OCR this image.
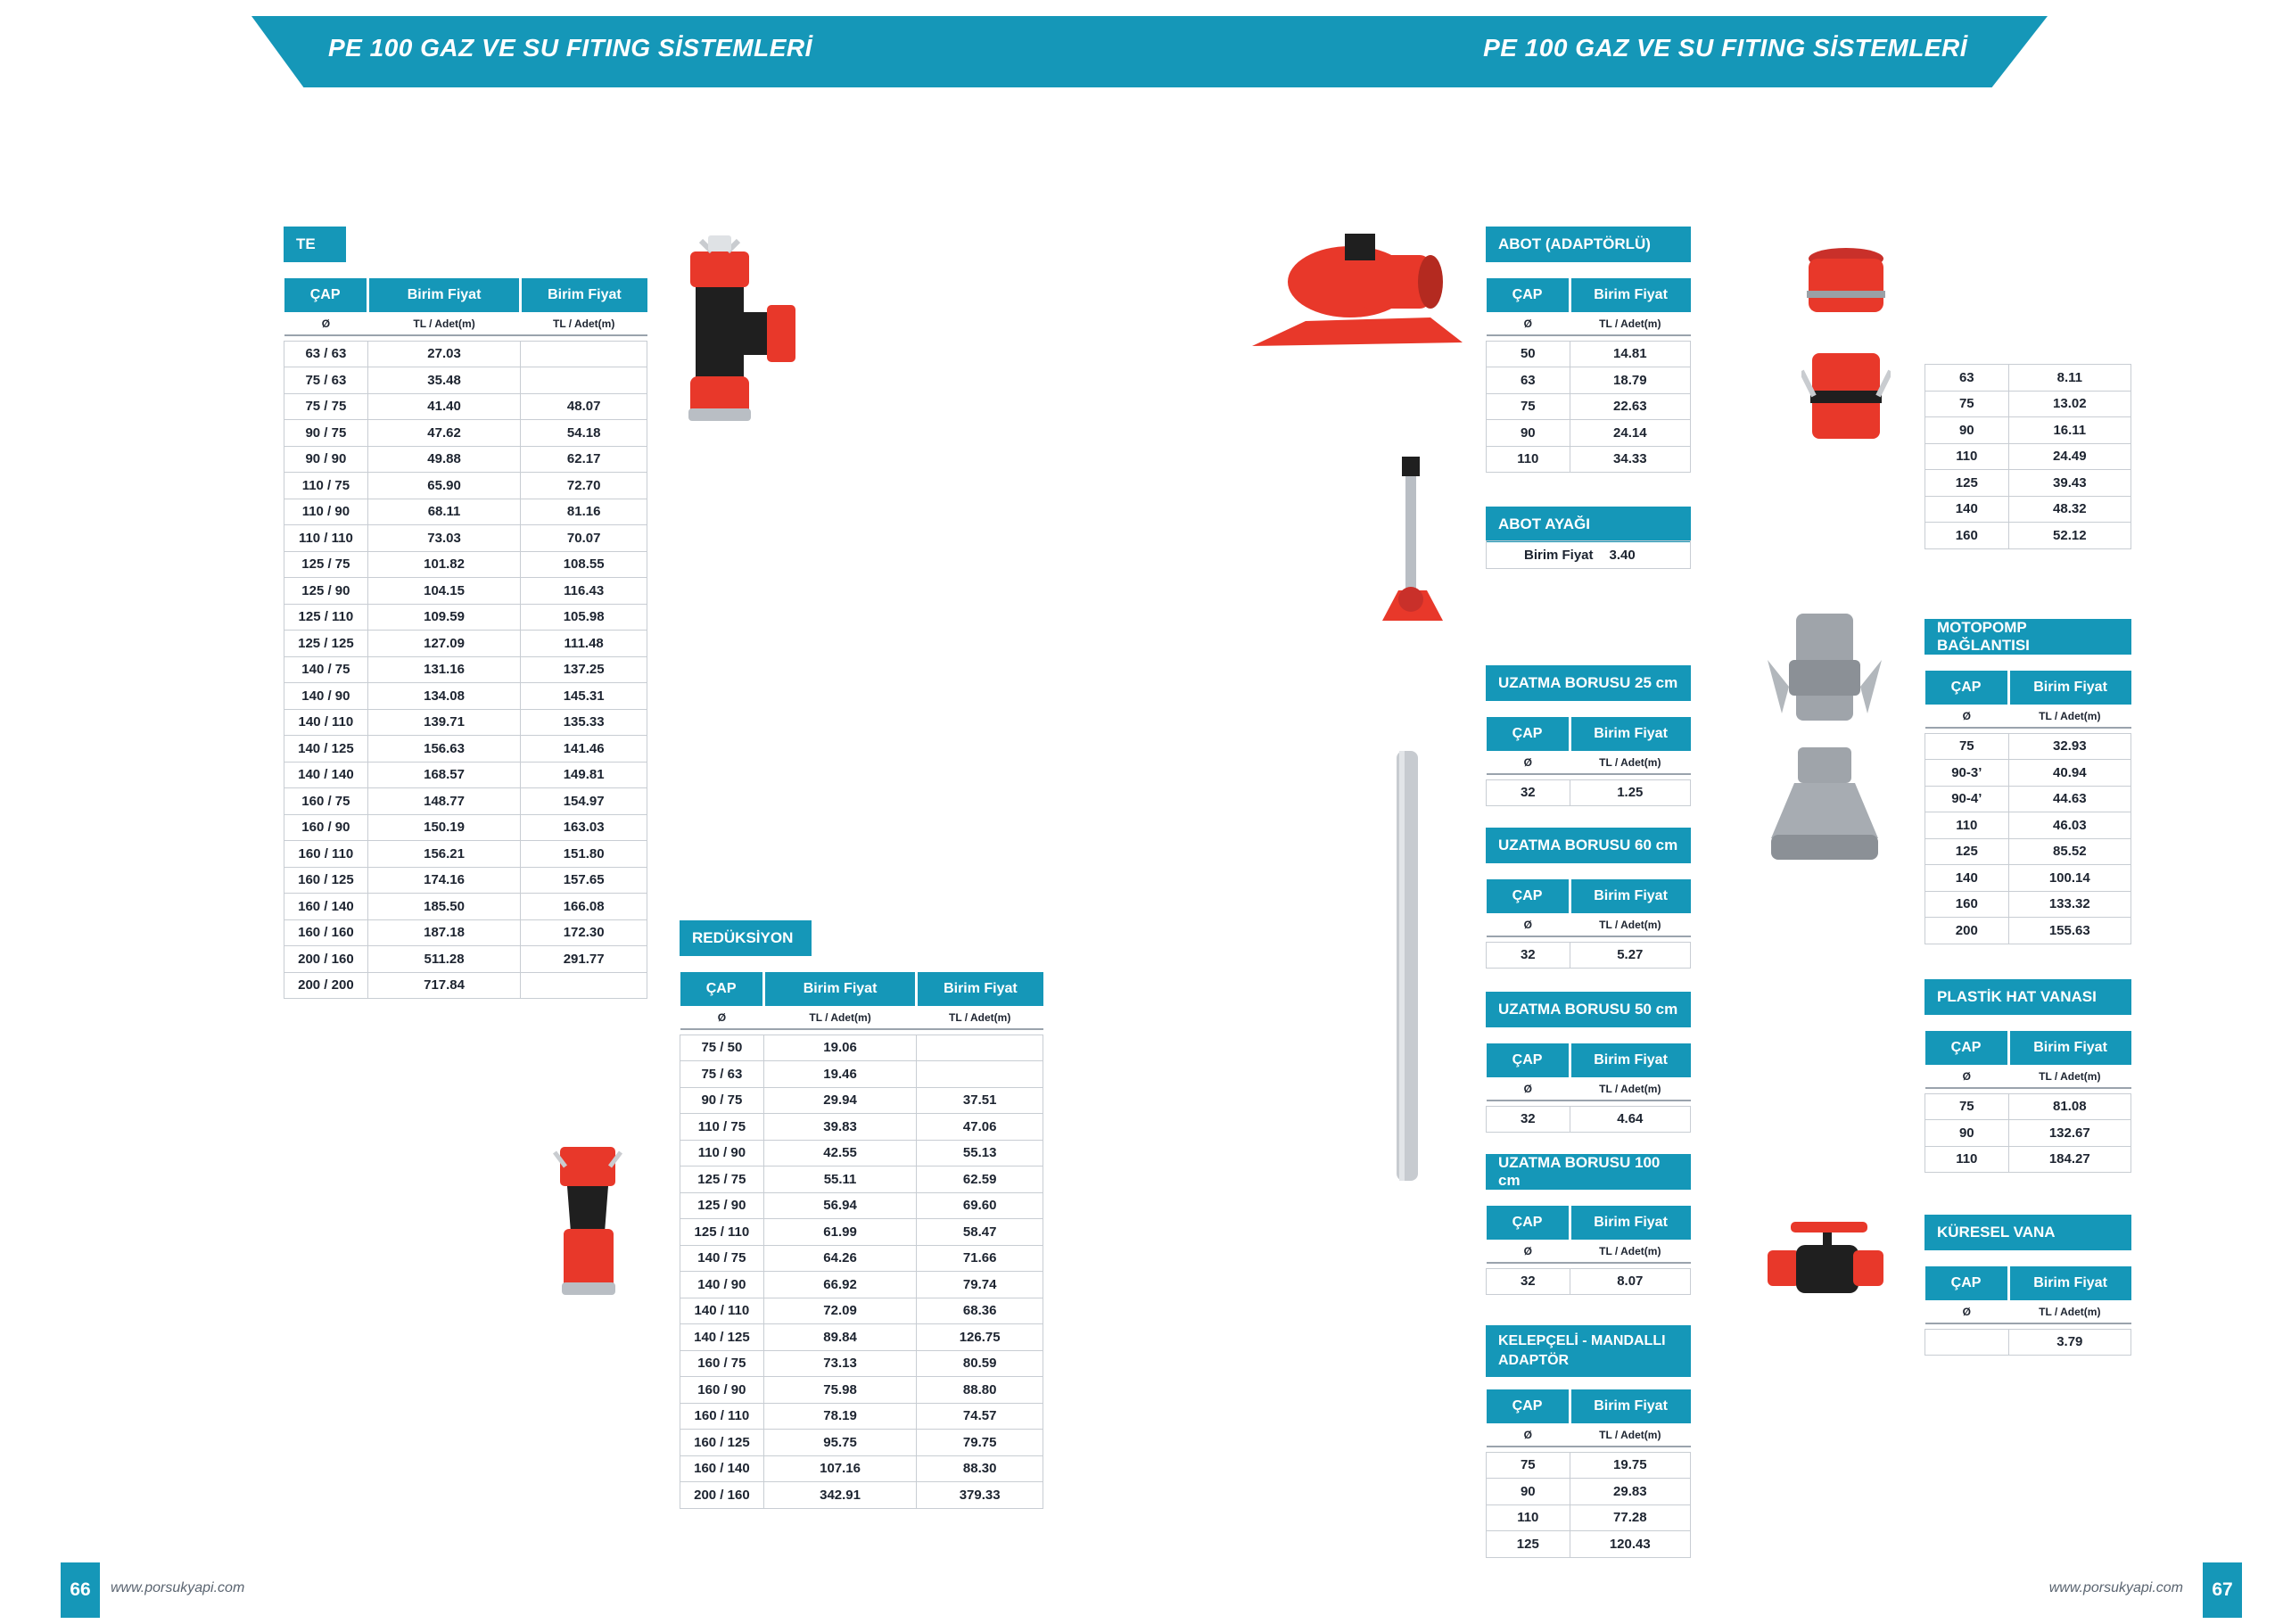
PE 100 GAZ VE SU FITING SİSTEMLERİ	PE 100 GAZ VE SU FITING SİSTEMLERİ
TE
ÇAP	Birim Fiyat	Birim Fiyat
Ø	TL / Adet(m)	TL / Adet(m)

63 / 63	27.03	
75 / 63	35.48	
75 / 75	41.40	48.07
90 / 75	47.62	54.18
90 / 90	49.88	62.17
110 / 75	65.90	72.70
110 / 90	68.11	81.16
110 / 110	73.03	70.07
125 / 75	101.82	108.55
125 / 90	104.15	116.43
125 / 110	109.59	105.98
125 / 125	127.09	111.48
140 / 75	131.16	137.25
140 / 90	134.08	145.31
140 / 110	139.71	135.33
140 / 125	156.63	141.46
140 / 140	168.57	149.81
160 / 75	148.77	154.97
160 / 90	150.19	163.03
160 / 110	156.21	151.80
160 / 125	174.16	157.65
160 / 140	185.50	166.08
160 / 160	187.18	172.30
200 / 160	511.28	291.77
200 / 200	717.84	
REDÜKSİYON
ÇAP	Birim Fiyat	Birim Fiyat
Ø	TL / Adet(m)	TL / Adet(m)

75 / 50	19.06	
75 / 63	19.46	
90 / 75	29.94	37.51
110 / 75	39.83	47.06
110 / 90	42.55	55.13
125 / 75	55.11	62.59
125 / 90	56.94	69.60
125 / 110	61.99	58.47
140 / 75	64.26	71.66
140 / 90	66.92	79.74
140 / 110	72.09	68.36
140 / 125	89.84	126.75
160 / 75	73.13	80.59
160 / 90	75.98	88.80
160 / 110	78.19	74.57
160 / 125	95.75	79.75
160 / 140	107.16	88.30
200 / 160	342.91	379.33
ABOT (ADAPTÖRLÜ)
ÇAP	Birim Fiyat
Ø	TL / Adet(m)

50	14.81
63	18.79
75	22.63
90	24.14
110	34.33
ABOT AYAĞI
Birim Fiyat 3.40
UZATMA BORUSU 25 cm
ÇAP	Birim Fiyat
Ø	TL / Adet(m)

32	1.25
UZATMA BORUSU 60 cm
ÇAP	Birim Fiyat
Ø	TL / Adet(m)

32	5.27
UZATMA BORUSU 50 cm
ÇAP	Birim Fiyat
Ø	TL / Adet(m)

32	4.64
UZATMA BORUSU 100 cm
ÇAP	Birim Fiyat
Ø	TL / Adet(m)

32	8.07
KELEPÇELİ - MANDALLI
ADAPTÖR
ÇAP	Birim Fiyat
Ø	TL / Adet(m)

75	19.75
90	29.83
110	77.28
125	120.43
63	8.11
75	13.02
90	16.11
110	24.49
125	39.43
140	48.32
160	52.12
MOTOPOMP BAĞLANTISI
ÇAP	Birim Fiyat
Ø	TL / Adet(m)

75	32.93
90-3’	40.94
90-4’	44.63
110	46.03
125	85.52
140	100.14
160	133.32
200	155.63
PLASTİK HAT VANASI
ÇAP	Birim Fiyat
Ø	TL / Adet(m)

75	81.08
90	132.67
110	184.27
KÜRESEL VANA
ÇAP	Birim Fiyat
Ø	TL / Adet(m)

	3.79
66	www.porsukyapi.com	www.porsukyapi.com	67
